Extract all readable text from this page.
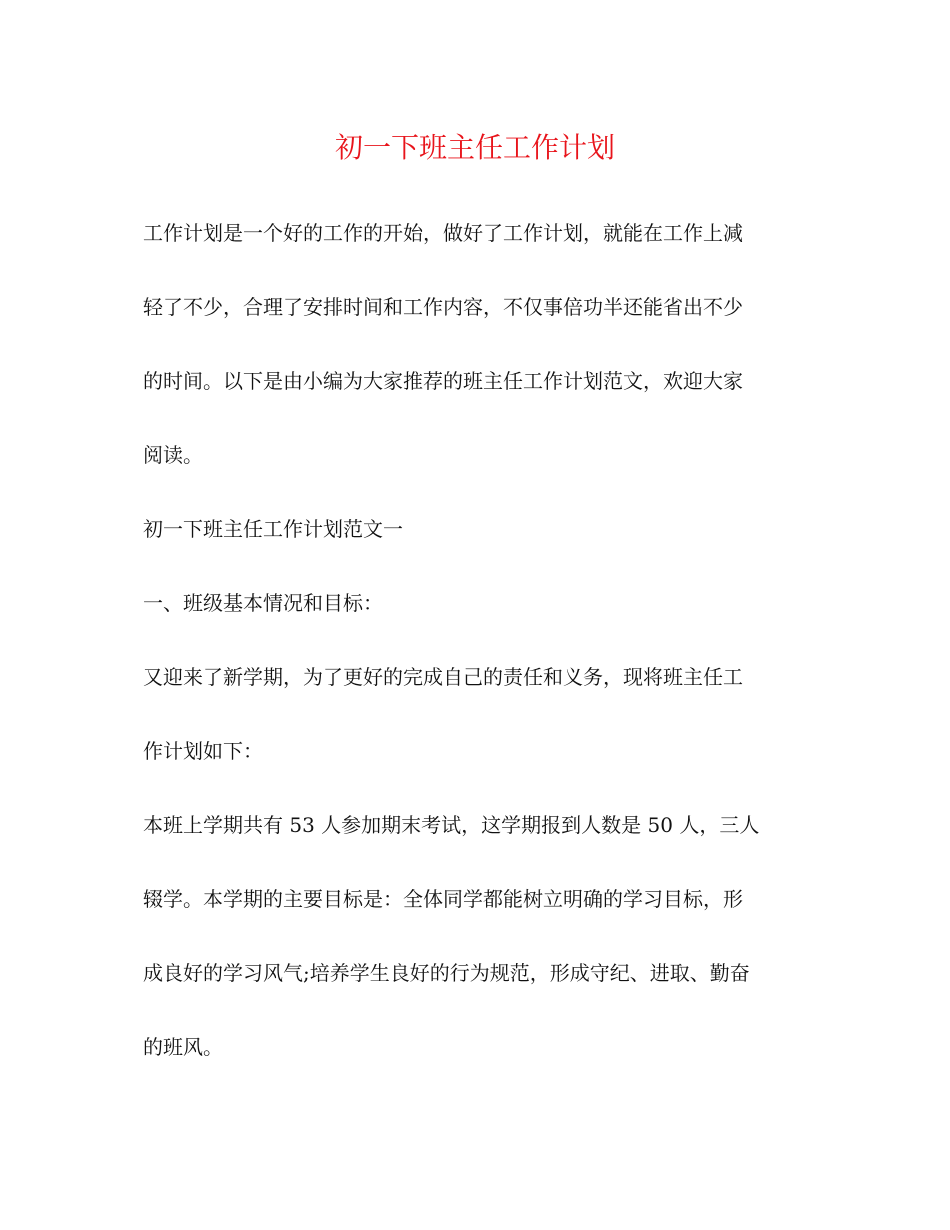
初一下班主任工作计划
工作计划是一个好的工作的开始，做好了工作计划，就能在工作上减
轻了不少，合理了安排时间和工作内容，不仅事倍功半还能省出不少
的时间。以下是由小编为大家推荐的班主任工作计划范文，欢迎大家
阅读。
初一下班主任工作计划范文一
一、班级基本情况和目标：
又迎来了新学期，为了更好的完成自己的责任和义务，现将班主任工
作计划如下：
本班上学期共有 53 人参加期末考试，这学期报到人数是 50 人，三人
辍学。本学期的主要目标是：全体同学都能树立明确的学习目标，形
成良好的学习风气;培养学生良好的行为规范，形成守纪、进取、勤奋
的班风。
